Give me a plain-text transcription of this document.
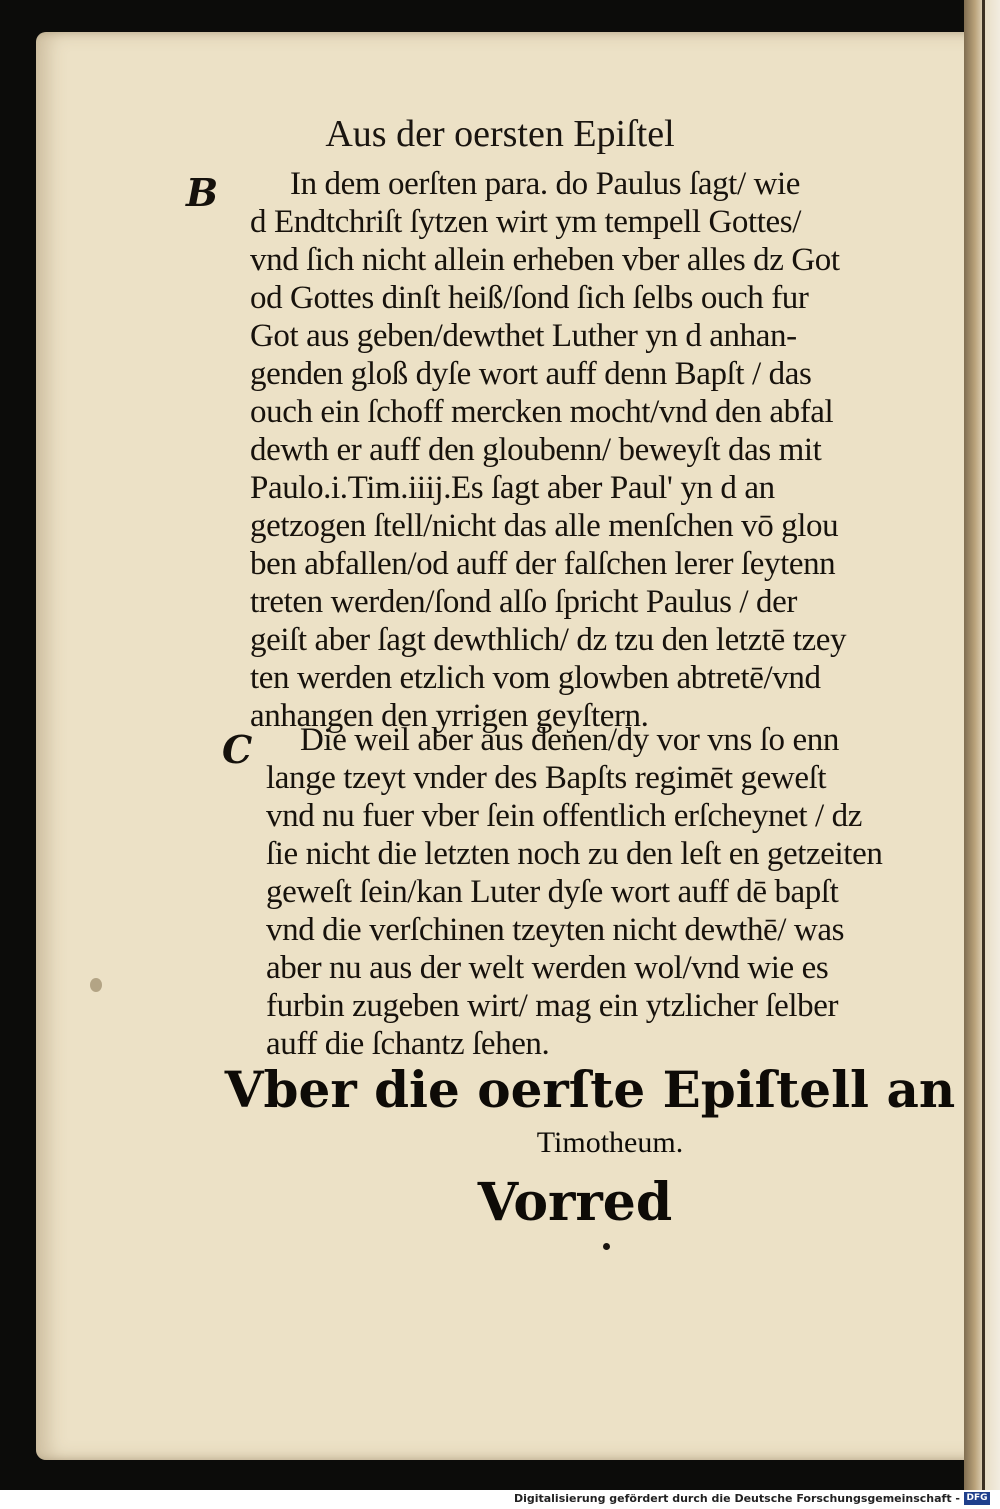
Aus der oersten Epiſtel
B
C
In dem oerſten para. do Paulus ſagt/ wie
d Endtchriſt ſytzen wirt ym tempell Gottes/
vnd ſich nicht allein erheben vber alles dz Got
od Gottes dinſt heiß/ſond ſich ſelbs ouch fur
Got aus geben/dewthet Luther yn d anhan-
genden gloß dyſe wort auff denn Bapſt / das
ouch ein ſchoff mercken mocht/vnd den abfal
dewth er auff den gloubenn/ beweyſt das mit
Paulo.i.Tim.iiij.Es ſagt aber Paul' yn d an
getzogen ſtell/nicht das alle menſchen vō glou
ben abfallen/od auff der falſchen lerer ſeytenn
treten werden/ſond alſo ſpricht Paulus / der
geiſt aber ſagt dewthlich/ dz tzu den letztē tzey
ten werden etzlich vom glowben abtretē/vnd
anhangen den yrrigen geyſtern.
Die weil aber aus denen/dy vor vns ſo enn
lange tzeyt vnder des Bapſts regimēt geweſt
vnd nu fuer vber ſein offentlich erſcheynet / dz
ſie nicht die letzten noch zu den leſt en getzeiten
geweſt ſein/kan Luter dyſe wort auff dē bapſt
vnd die verſchinen tzeyten nicht dewthē/ was
aber nu aus der welt werden wol/vnd wie es
furbin zugeben wirt/ mag ein ytzlicher ſelber
auff die ſchantz ſehen.
Vber die oerſte Epiſtell an
Timotheum.
Vorred
Digitalisierung gefördert durch die Deutsche Forschungsgemeinschaft - DFG
